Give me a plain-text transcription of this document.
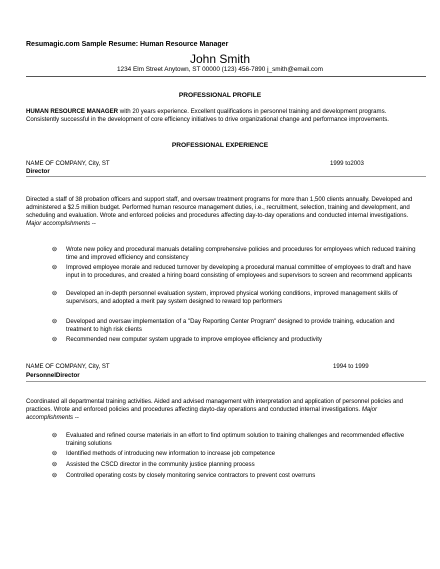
Resumagic.com Sample Resume: Human Resource Manager
John Smith
1234 Elm Street Anytown, ST 00000 (123) 456-7890 j_smith@email.com
PROFESSIONAL PROFILE
HUMAN RESOURCE MANAGER with 20 years experience. Excellent qualifications in personnel training and development programs. Consistently successful in the development of core efficiency initiatives to drive organizational change and performance improvements.
PROFESSIONAL EXPERIENCE
NAME OF COMPANY, City, ST	1999 to2003
Director
Directed a staff of 38 probation officers and support staff, and oversaw treatment programs for more than 1,500 clients annually. Developed and administered a $2.5 million budget. Performed human resource management duties, i.e., recruitment, selection, training and development, and scheduling and evaluation. Wrote and enforced policies and procedures affecting day-to-day operations and conducted internal investigations. Major accomplishments --
⊚ Wrote new policy and procedural manuals detailing comprehensive policies and procedures for employees which reduced training time and improved efficiency and consistency
⊚ Improved employee morale and reduced turnover by developing a procedural manual committee of employees to draft and have input in to procedures, and created a hiring board consisting of employees and supervisors to screen and recommend applicants
⊚ Developed an in-depth personnel evaluation system, improved physical working conditions, improved management skills of supervisors, and adopted a merit pay system designed to reward top performers
⊚ Developed and oversaw implementation of a "Day Reporting Center Program" designed to provide training, education and treatment to high risk clients
⊚ Recommended new computer system upgrade to improve employee efficiency and productivity
NAME OF COMPANY, City, ST	1994 to 1999
PersonnelDirector
Coordinated all departmental training activities. Aided and advised management with interpretation and application of personnel policies and practices. Wrote and enforced policies and procedures affecting dayto-day operations and conducted internal investigations. Major accomplishments --
⊚ Evaluated and refined course materials in an effort to find optimum solution to training challenges and recommended effective training solutions
⊚ Identified methods of introducing new information to increase job competence
⊚ Assisted the CSCD director in the community justice planning process
⊚ Controlled operating costs by closely monitoring service contractors to prevent cost overruns
